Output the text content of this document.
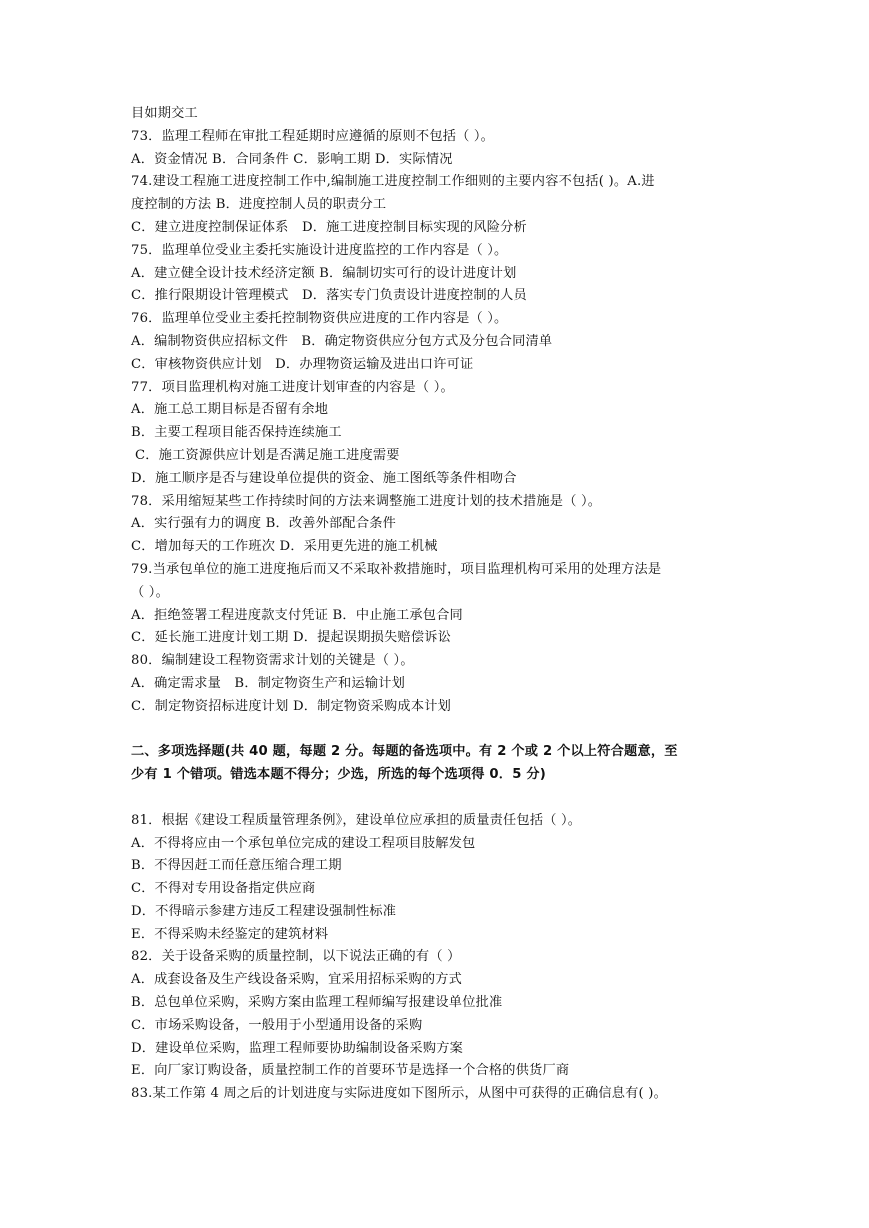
目如期交工
73．监理工程师在审批工程延期时应遵循的原则不包括（ ）。
A．资金情况 B．合同条件 C．影响工期 D．实际情况
74.建设工程施工进度控制工作中,编制施工进度控制工作细则的主要内容不包括( )。A.进
度控制的方法 B．进度控制人员的职责分工
C．建立进度控制保证体系　D．施工进度控制目标实现的风险分析
75．监理单位受业主委托实施设计进度监控的工作内容是（ ）。
A．建立健全设计技术经济定额 B．编制切实可行的设计进度计划
C．推行限期设计管理模式　D．落实专门负责设计进度控制的人员
76．监理单位受业主委托控制物资供应进度的工作内容是（ ）。
A．编制物资供应招标文件　B．确定物资供应分包方式及分包合同清单
C．审核物资供应计划　D．办理物资运输及进出口许可证
77．项目监理机构对施工进度计划审查的内容是（ ）。
A．施工总工期目标是否留有余地
B．主要工程项目能否保持连续施工
C．施工资源供应计划是否满足施工进度需要
D．施工顺序是否与建设单位提供的资金、施工图纸等条件相吻合
78．采用缩短某些工作持续时间的方法来调整施工进度计划的技术措施是（ ）。
A．实行强有力的调度 B．改善外部配合条件
C．增加每天的工作班次 D．采用更先进的施工机械
79.当承包单位的施工进度拖后而又不采取补救措施时，项目监理机构可采用的处理方法是
（ ）。
A．拒绝签署工程进度款支付凭证 B．中止施工承包合同
C．延长施工进度计划工期 D．提起误期损失赔偿诉讼
80．编制建设工程物资需求计划的关键是（ ）。
A．确定需求量　B．制定物资生产和运输计划
C．制定物资招标进度计划 D．制定物资采购成本计划
二、多项选择题(共 40 题，每题 2 分。每题的备选项中。有 2 个或 2 个以上符合题意，至
少有 1 个错项。错选本题不得分；少选，所选的每个选项得 0．5 分)
81．根据《建设工程质量管理条例》，建设单位应承担的质量责任包括（ ）。
A．不得将应由一个承包单位完成的建设工程项目肢解发包
B．不得因赶工而任意压缩合理工期
C．不得对专用设备指定供应商
D．不得暗示参建方违反工程建设强制性标准
E．不得采购未经鉴定的建筑材料
82．关于设备采购的质量控制，以下说法正确的有（ ）
A．成套设备及生产线设备采购，宜采用招标采购的方式
B．总包单位采购，采购方案由监理工程师编写报建设单位批准
C．市场采购设备，一般用于小型通用设备的采购
D．建设单位采购，监理工程师要协助编制设备采购方案
E．向厂家订购设备，质量控制工作的首要环节是选择一个合格的供货厂商
83.某工作第 4 周之后的计划进度与实际进度如下图所示，从图中可获得的正确信息有( )。
